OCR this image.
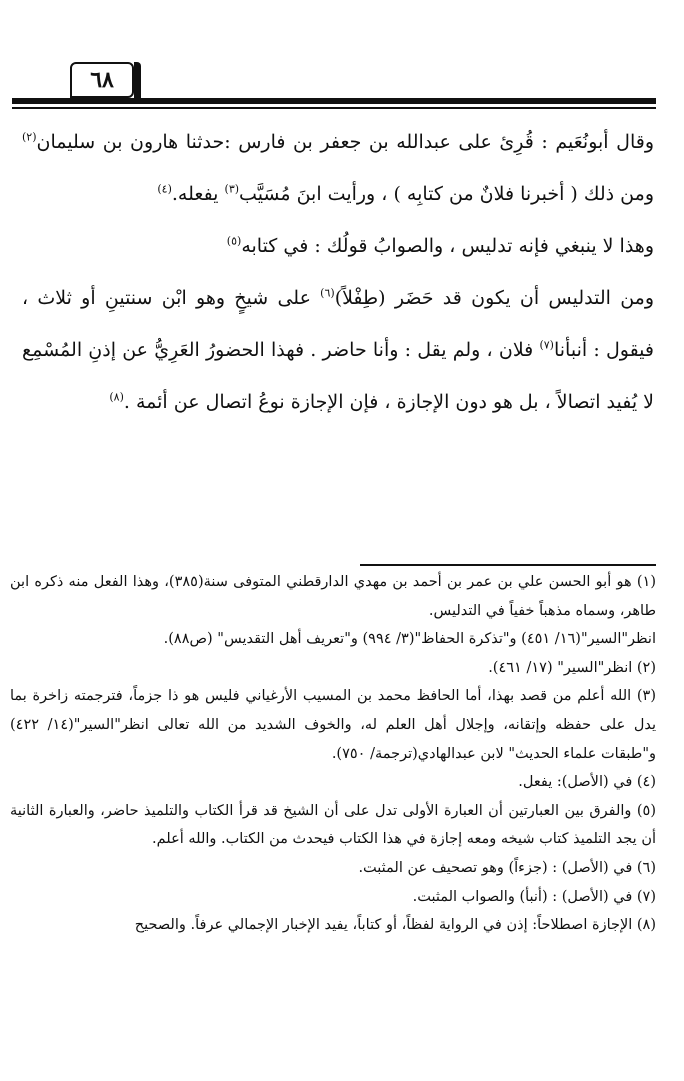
٦٨

وقال أبونُعَيم : قُرِئ على عبدالله بن جعفر بن فارس :حدثنا هارون بن سليمان$^{(٢)}$ ومن ذلك ( أخبرنا فلانٌ من كتابِه ) ، ورأيت ابنَ مُسَيَّب$^{(٣)}$ يفعله.$^{(٤)}$

وهذا لا ينبغي فإنه تدليس ، والصوابُ قولُك : في كتابه$^{(٥)}$

ومن التدليس أن يكون قد حَضَر (طِفْلاً)$^{(٦)}$ على شيخٍ وهو ابْن سنتينِ أو ثلاث ، فيقول : أنبأنا$^{(٧)}$ فلان ، ولم يقل : وأنا حاضر . فهذا الحضورُ العَرِيُّ عن إذنِ المُسْمِع لا يُفيد اتصالاً ، بل هو دون الإجازة ، فإن الإجازة نوعُ اتصال عن أئمة .$^{(٨)}$

(١) هو أبو الحسن علي بن عمر بن أحمد بن مهدي الدارقطني المتوفى سنة(٣٨٥)، وهذا الفعل منه ذكره ابن طاهر، وسماه مذهباً خفياً في التدليس.

انظر"السير"(١٦/ ٤٥١) و"تذكرة الحفاظ"(٣/ ٩٩٤) و"تعريف أهل التقديس" (ص٨٨).

(٢) انظر"السير" (١٧/ ٤٦١).

(٣) الله أعلم من قصد بهذا، أما الحافظ محمد بن المسيب الأرغياني فليس هو ذا جزماً، فترجمته زاخرة بما يدل على حفظه وإتقانه، وإجلال أهل العلم له، والخوف الشديد من الله تعالى انظر"السير"(١٤/ ٤٢٢) و"طبقات علماء الحديث" لابن عبدالهادي(ترجمة/ ٧٥٠).

(٤) في (الأصل): يفعل.

(٥) والفرق بين العبارتين أن العبارة الأولى تدل على أن الشيخ قد قرأ الكتاب والتلميذ حاضر، والعبارة الثانية أن يجد التلميذ كتاب شيخه ومعه إجازة في هذا الكتاب فيحدث من الكتاب. والله أعلم.

(٦) في (الأصل) : (جزءاً) وهو تصحيف عن المثبت.

(٧) في (الأصل) : (أنبأ) والصواب المثبت.

(٨) الإجازة اصطلاحاً: إذن في الرواية لفظاً، أو كتاباً، يفيد الإخبار الإجمالي عرفاً. والصحيح
